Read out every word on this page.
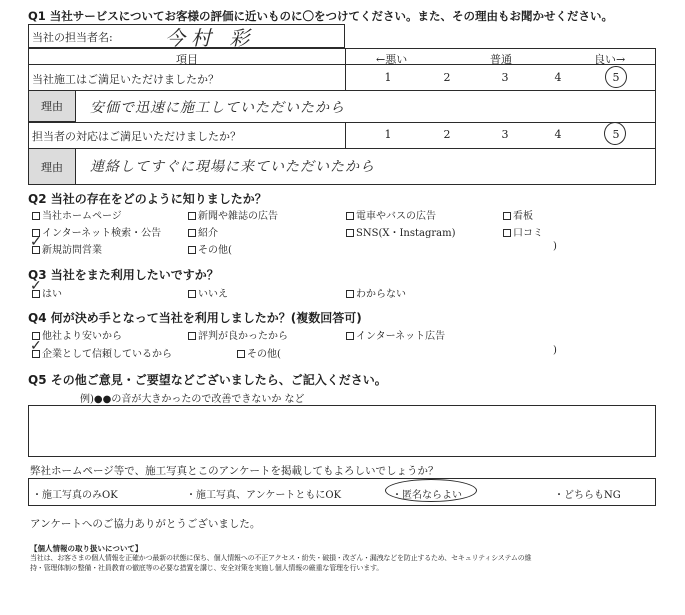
Q1 当社サービスについてお客様の評価に近いものに〇をつけてください。また、その理由もお聞かせください。
当社の担当者名:	今村 彩
項目	←悪い	普通	良い→
当社施工はご満足いただけましたか？	1	2	3	4	5
理由	安価で迅速に施工していただいたから
担当者の対応はご満足いただけましたか？	1	2	3	4	5
理由	連絡してすぐに現場に来ていただいたから
Q2 当社の存在をどのように知りましたか？
当社ホームページ	新聞や雑誌の広告	電車やバスの広告	看板
インターネット検索・公告	紹介	SNS(X・Instagram)	口コミ
新規訪問営業
✓
その他(	)
Q3 当社をまた利用したいですか？
はい
✓
いいえ	わからない
Q4 何が決め手となって当社を利用しましたか？(複数回答可)
他社より安いから	評判が良かったから	インターネット広告
企業として信頼しているから
✓
その他(	)
Q5 その他ご意見・ご要望などございましたら、ご記入ください。
例)●●の音が大きかったので改善できないか など
弊社ホームページ等で、施工写真とこのアンケートを掲載してもよろしいでしょうか？
・施工写真のみOK	・施工写真、アンケートともにOK	・匿名ならよい	・どちらもNG
アンケートへのご協力ありがとうございました。
【個人情報の取り扱いについて】
当社は、お客さまの個人情報を正確かつ最新の状態に保ち、個人情報への不正アクセス・紛失・破損・改ざん・漏洩などを防止するため、セキュリティシステムの維
持・管理体制の整備・社員教育の徹底等の必要な措置を講じ、安全対策を実施し個人情報の厳重な管理を行います。
